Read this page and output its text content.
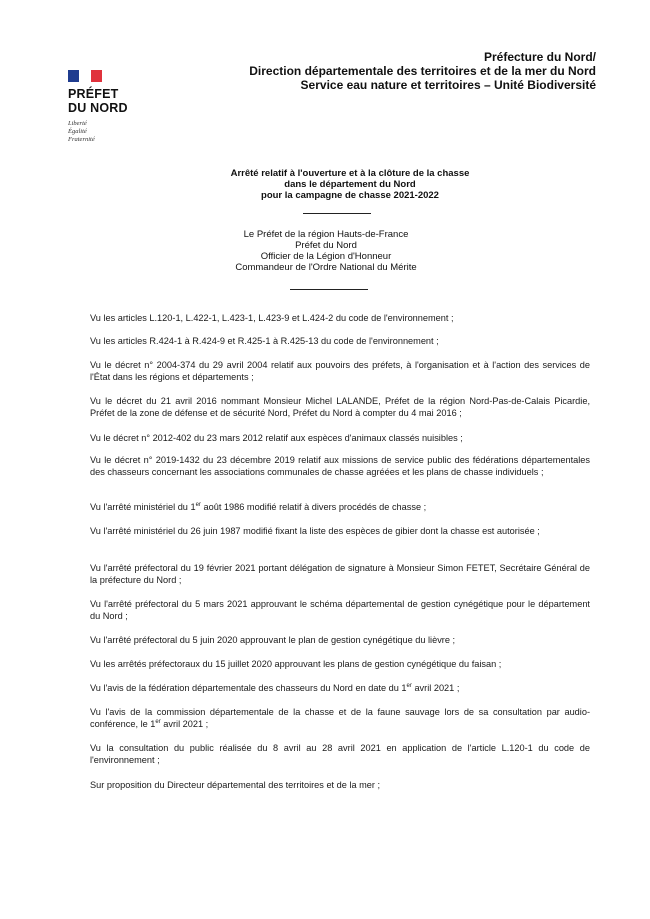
PRÉFET
DU NORD
Liberté
Égalité
Fraternité
Préfecture du Nord/
Direction départementale des territoires et de la mer du Nord
Service eau nature et territoires – Unité Biodiversité
Arrêté relatif à l'ouverture et à la clôture de la chasse
dans le département du Nord
pour la campagne de chasse 2021-2022
Le Préfet de la région Hauts-de-France
Préfet du Nord
Officier de la Légion d'Honneur
Commandeur de l'Ordre National du Mérite
Vu les articles L.120-1, L.422-1, L.423-1, L.423-9 et L.424-2 du code de l'environnement ;
Vu les articles R.424-1 à R.424-9 et R.425-1 à R.425-13 du code de l'environnement ;
Vu le décret n° 2004-374 du 29 avril 2004 relatif aux pouvoirs des préfets, à l'organisation et à l'action des services de l'État dans les régions et départements ;
Vu le décret du 21 avril 2016 nommant Monsieur Michel LALANDE, Préfet de la région Nord-Pas-de-Calais Picardie, Préfet de la zone de défense et de sécurité Nord, Préfet du Nord à compter du 4 mai 2016 ;
Vu le décret n° 2012-402 du 23 mars 2012 relatif aux espèces d'animaux classés nuisibles ;
Vu le décret n° 2019-1432 du 23 décembre 2019 relatif aux missions de service public des fédérations départementales des chasseurs concernant les associations communales de chasse agréées et les plans de chasse individuels ;
Vu l'arrêté ministériel du 1er août 1986 modifié relatif à divers procédés de chasse ;
Vu l'arrêté ministériel du 26 juin 1987 modifié fixant la liste des espèces de gibier dont la chasse est autorisée ;
Vu l'arrêté préfectoral du 19 février 2021 portant délégation de signature à Monsieur Simon FETET, Secrétaire Général de la préfecture du Nord ;
Vu l'arrêté préfectoral du 5 mars 2021 approuvant le schéma départemental de gestion cynégétique pour le département du Nord ;
Vu l'arrêté préfectoral du 5 juin 2020 approuvant le plan de gestion cynégétique du lièvre ;
Vu les arrêtés préfectoraux du 15 juillet 2020 approuvant les plans de gestion cynégétique du faisan ;
Vu l'avis de la fédération départementale des chasseurs du Nord en date du 1er avril 2021 ;
Vu l'avis de la commission départementale de la chasse et de la faune sauvage lors de sa consultation par audio-conférence, le 1er avril 2021 ;
Vu la consultation du public réalisée du 8 avril au 28 avril 2021 en application de l'article L.120-1 du code de l'environnement ;
Sur proposition du Directeur départemental des territoires et de la mer ;
